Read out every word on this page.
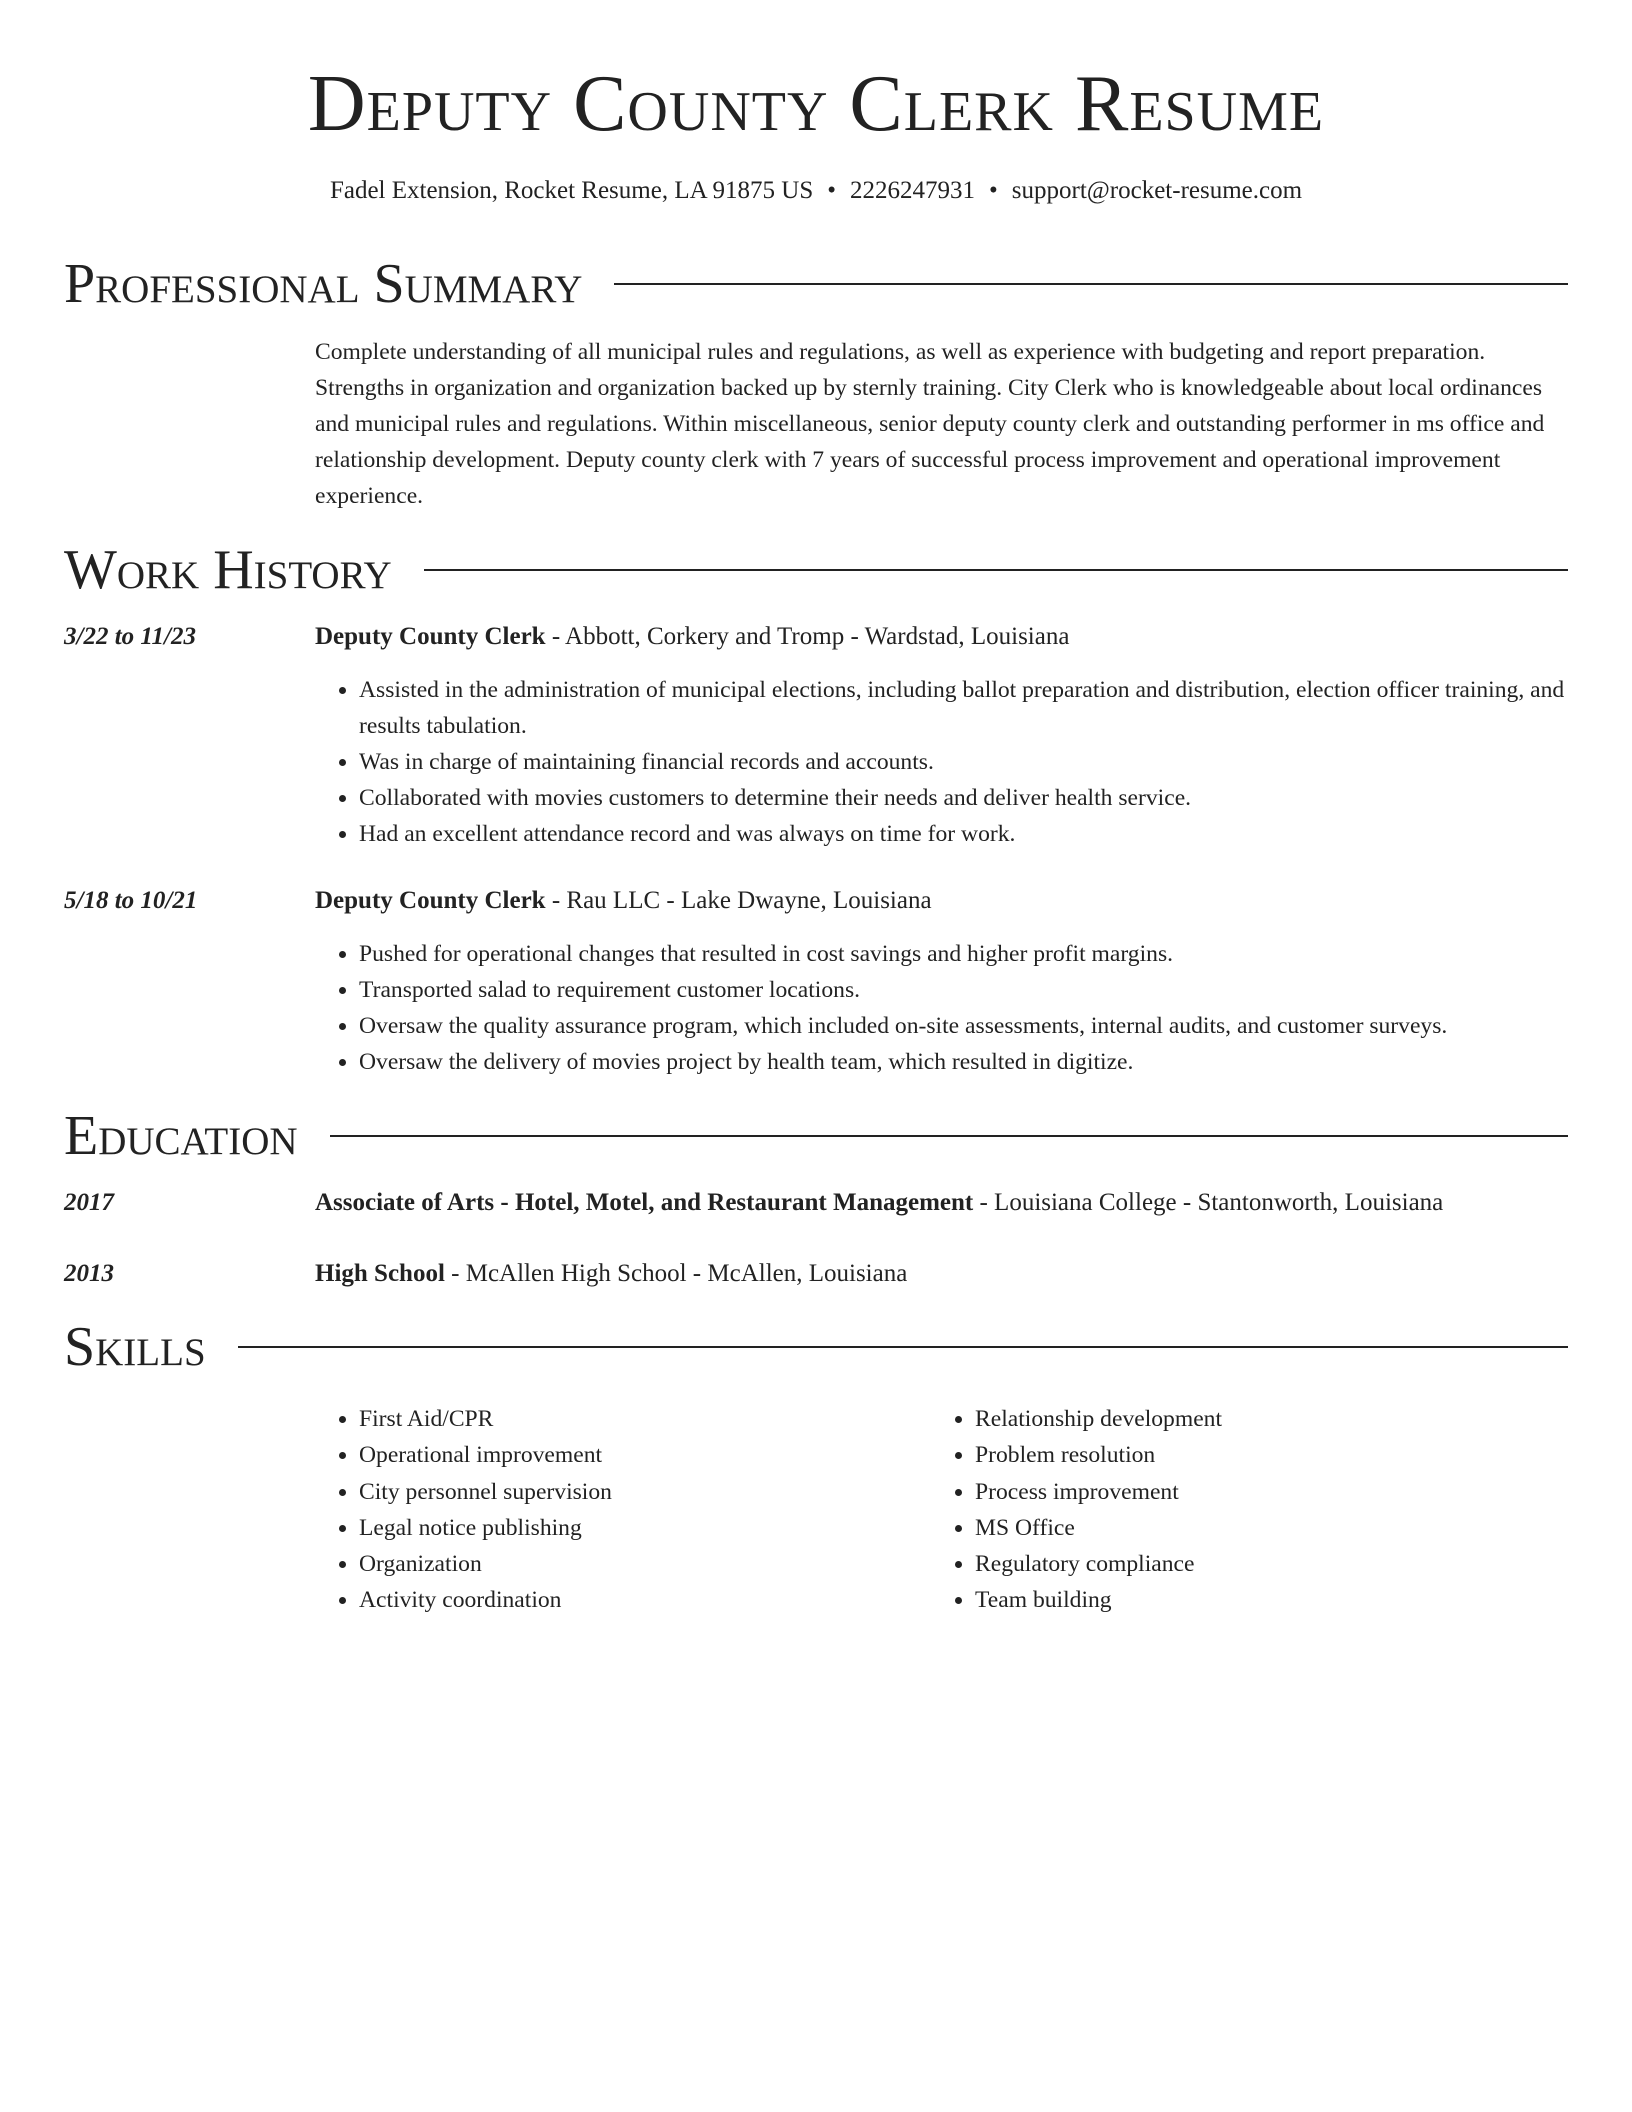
Deputy County Clerk Resume
Fadel Extension, Rocket Resume, LA 91875 US • 2226247931 • support@rocket-resume.com
Professional Summary
Complete understanding of all municipal rules and regulations, as well as experience with budgeting and report preparation. Strengths in organization and organization backed up by sternly training. City Clerk who is knowledgeable about local ordinances and municipal rules and regulations. Within miscellaneous, senior deputy county clerk and outstanding performer in ms office and relationship development. Deputy county clerk with 7 years of successful process improvement and operational improvement experience.
Work History
3/22 to 11/23	Deputy County Clerk - Abbott, Corkery and Tromp - Wardstad, Louisiana
• Assisted in the administration of municipal elections, including ballot preparation and distribution, election officer training, and results tabulation.
• Was in charge of maintaining financial records and accounts.
• Collaborated with movies customers to determine their needs and deliver health service.
• Had an excellent attendance record and was always on time for work.
5/18 to 10/21	Deputy County Clerk - Rau LLC - Lake Dwayne, Louisiana
• Pushed for operational changes that resulted in cost savings and higher profit margins.
• Transported salad to requirement customer locations.
• Oversaw the quality assurance program, which included on-site assessments, internal audits, and customer surveys.
• Oversaw the delivery of movies project by health team, which resulted in digitize.
Education
2017	Associate of Arts - Hotel, Motel, and Restaurant Management - Louisiana College - Stantonworth, Louisiana
2013	High School - McAllen High School - McAllen, Louisiana
Skills
• First Aid/CPR
• Operational improvement
• City personnel supervision
• Legal notice publishing
• Organization
• Activity coordination
• Relationship development
• Problem resolution
• Process improvement
• MS Office
• Regulatory compliance
• Team building
